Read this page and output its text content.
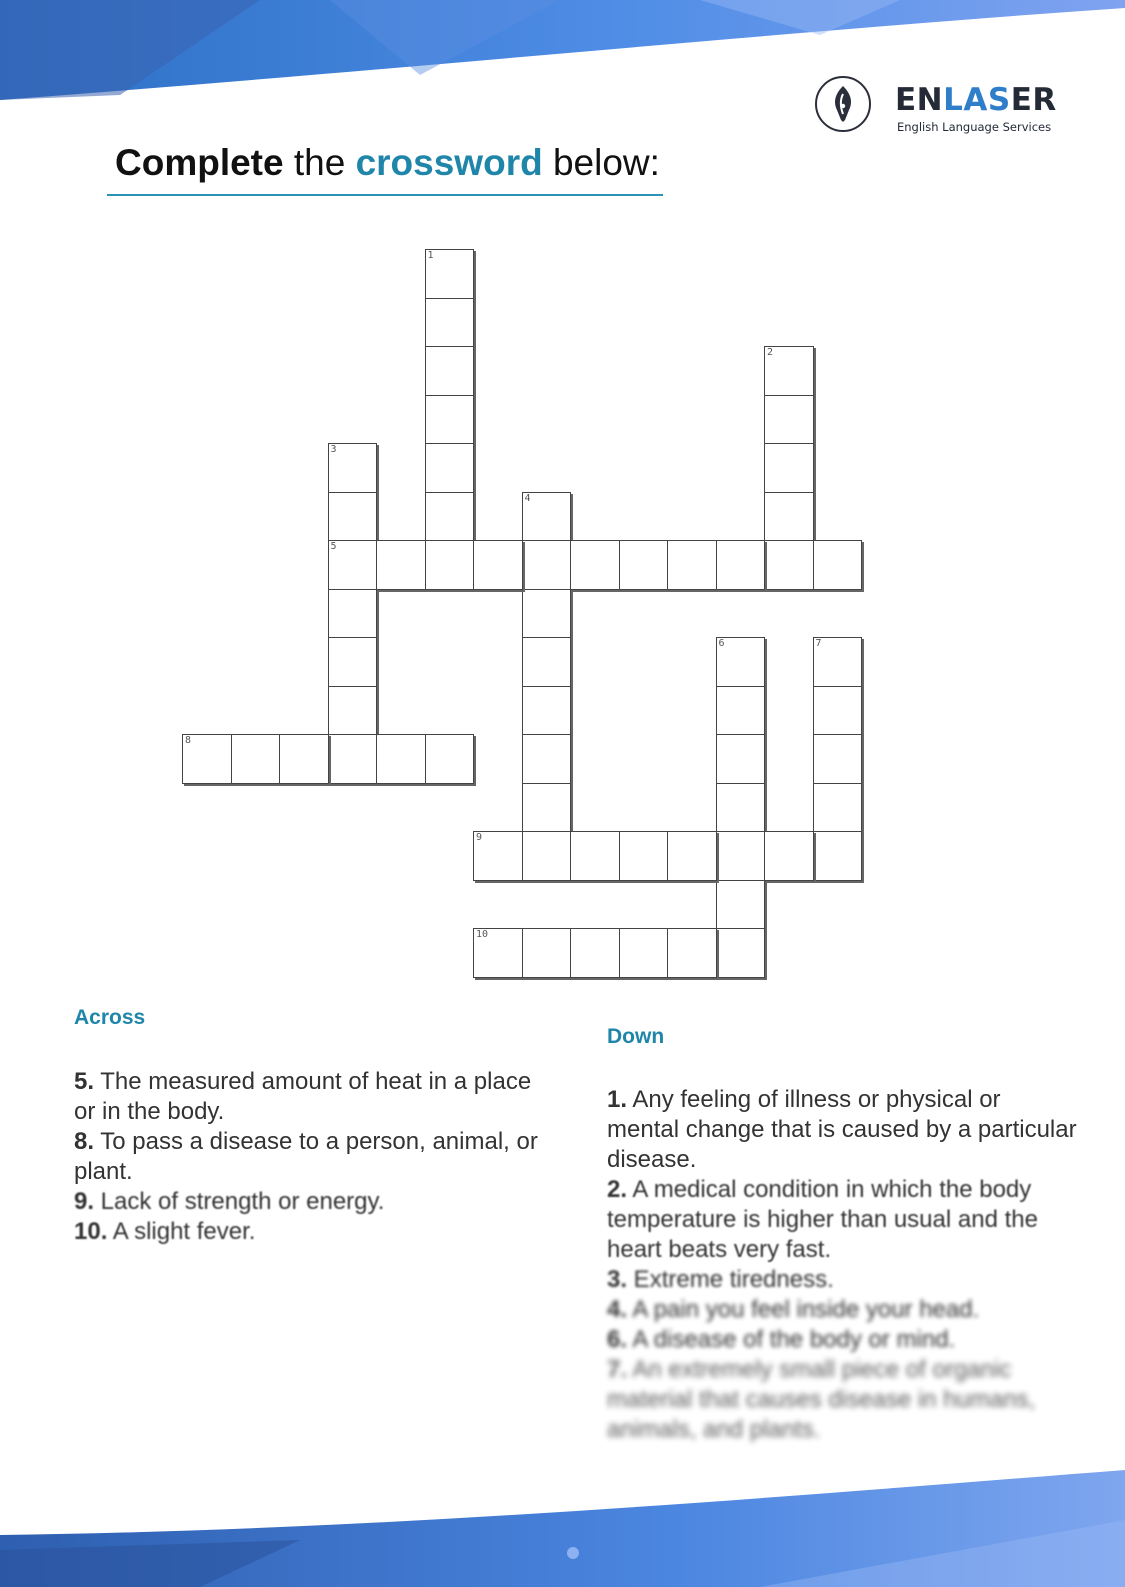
ENLASER
English Language Services
Complete the crossword below:
1
2
3
5
4
6	7
8
9
10
Across
Down

5. The measured amount of heat in a place or in the body.

8. To pass a disease to a person, animal, or plant.

9. Lack of strength or energy.

10. A slight fever.

1. Any feeling of illness or physical or mental change that is caused by a particular disease.

2. A medical condition in which the body temperature is higher than usual and the heart beats very fast.

3. Extreme tiredness.

4. A pain you feel inside your head.

6. A disease of the body or mind.

7. An extremely small piece of organic material that causes disease in humans, animals, and plants.
